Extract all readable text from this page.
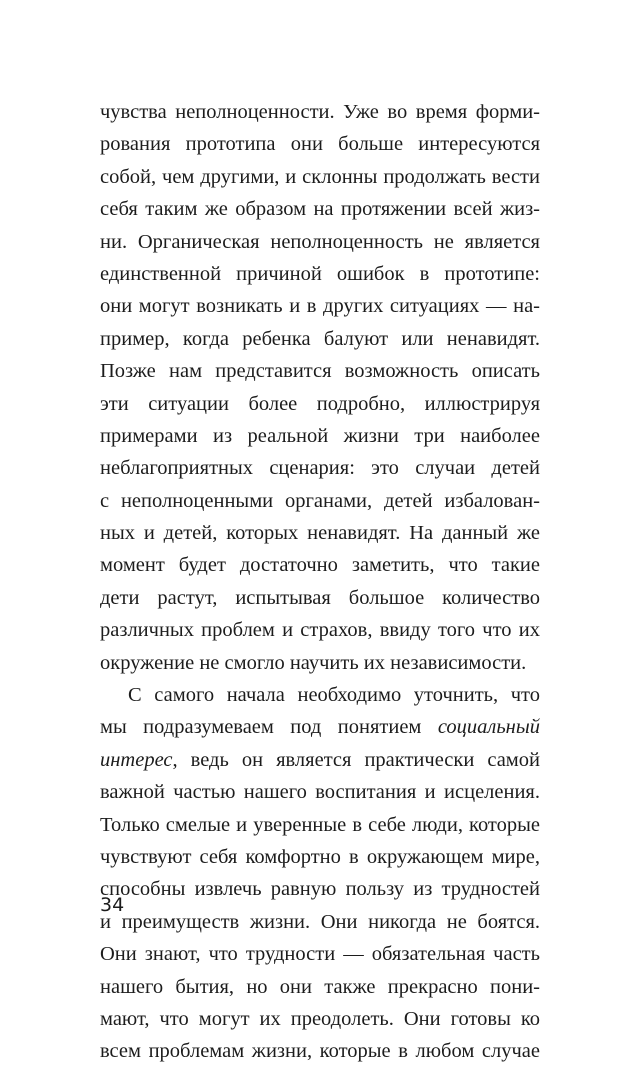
чувства неполноценности. Уже во время форми-
рования прототипа они больше интересуются
собой, чем другими, и склонны продолжать вести
себя таким же образом на протяжении всей жиз-
ни. Органическая неполноценность не является
единственной причиной ошибок в прототипе:
они могут возникать и в других ситуациях — на-
пример, когда ребенка балуют или ненавидят.
Позже нам представится возможность описать
эти ситуации более подробно, иллюстрируя
примерами из реальной жизни три наиболее
неблагоприятных сценария: это случаи детей
с неполноценными органами, детей избалован-
ных и детей, которых ненавидят. На данный же
момент будет достаточно заметить, что такие
дети растут, испытывая большое количество
различных проблем и страхов, ввиду того что их
окружение не смогло научить их независимости.
С самого начала необходимо уточнить, что
мы подразумеваем под понятием социальный
интерес, ведь он является практически самой
важной частью нашего воспитания и исцеления.
Только смелые и уверенные в себе люди, которые
чувствуют себя комфортно в окружающем мире,
способны извлечь равную пользу из трудностей
и преимуществ жизни. Они никогда не боятся.
Они знают, что трудности — обязательная часть
нашего бытия, но они также прекрасно пони-
мают, что могут их преодолеть. Они готовы ко
всем проблемам жизни, которые в любом случае
34
